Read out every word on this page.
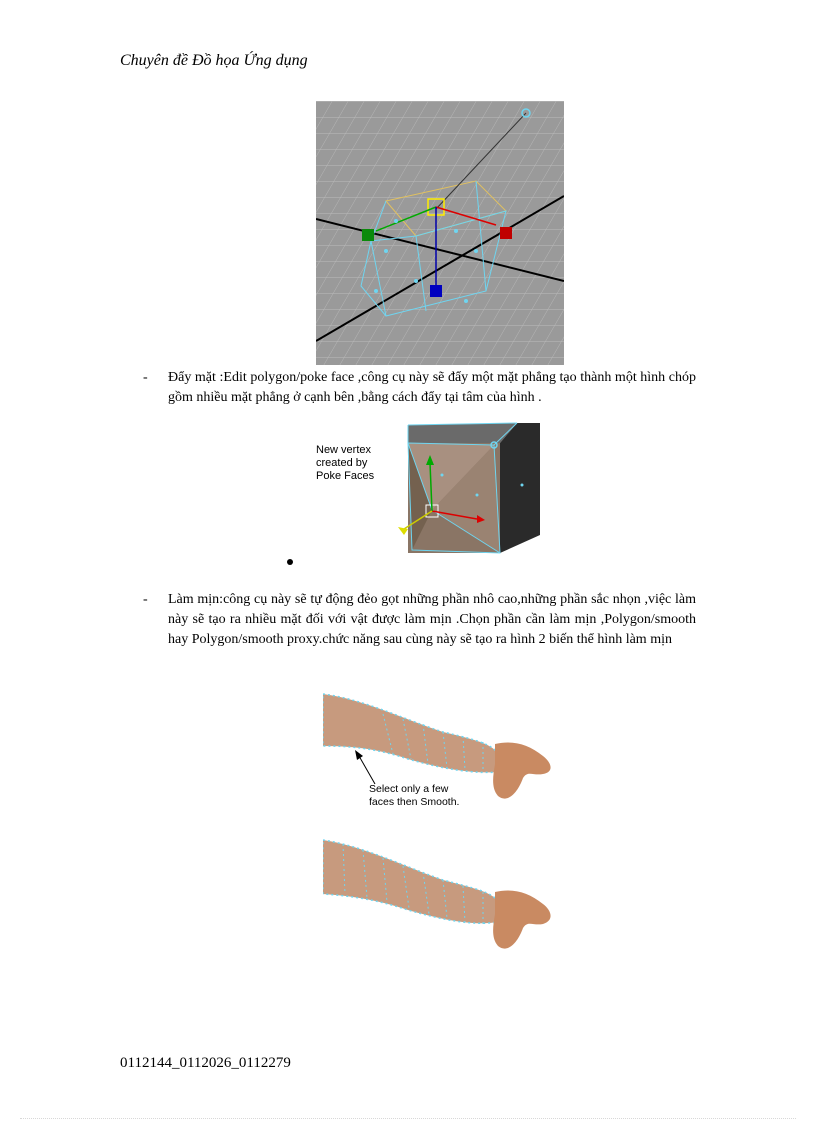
Chuyên đề Đồ họa Ứng dụng
- Đẩy mặt :Edit polygon/poke face ,công cụ này sẽ đẩy một mặt phẳng tạo thành một hình chóp gồm nhiều mặt phẳng ở cạnh bên ,bằng cách đẩy tại tâm của hình .
New vertex
created by
Poke Faces
- Làm mịn:công cụ này sẽ tự động đẻo gọt những phần nhô cao,những phần sắc nhọn ,việc làm này sẽ tạo ra nhiều mặt đối với vật được làm mịn .Chọn phần cần làm mịn ,Polygon/smooth hay Polygon/smooth proxy.chức năng sau cùng này sẽ tạo ra hình 2 biến thể hình làm mịn
Select only a few
faces then Smooth.
0112144_0112026_0112279
